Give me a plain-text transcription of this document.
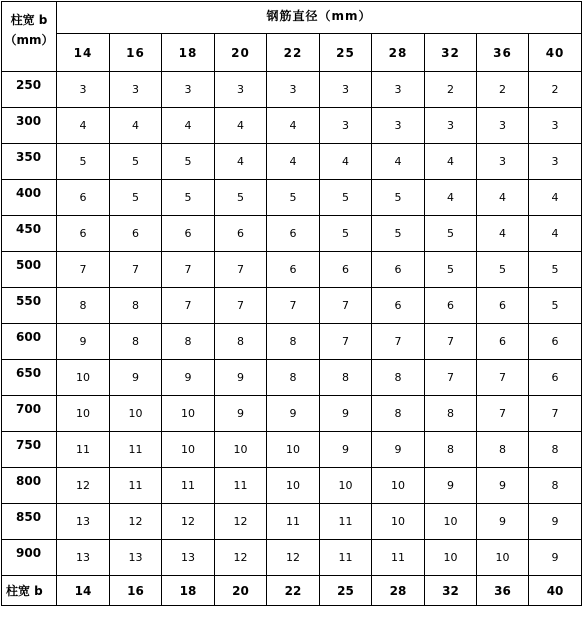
柱宽 b
（mm）	钢筋直径（mm）									
	14	16	18	20	22	25	28	32	36	40
250	3	3	3	3	3	3	3	2	2	2
300	4	4	4	4	4	3	3	3	3	3
350	5	5	5	4	4	4	4	4	3	3
400	6	5	5	5	5	5	5	4	4	4
450	6	6	6	6	6	5	5	5	4	4
500	7	7	7	7	6	6	6	5	5	5
550	8	8	7	7	7	7	6	6	6	5
600	9	8	8	8	8	7	7	7	6	6
650	10	9	9	9	8	8	8	7	7	6
700	10	10	10	9	9	9	8	8	7	7
750	11	11	10	10	10	9	9	8	8	8
800	12	11	11	11	10	10	10	9	9	8
850	13	12	12	12	11	11	10	10	9	9
900	13	13	13	12	12	11	11	10	10	9
柱宽 b	14	16	18	20	22	25	28	32	36	40
